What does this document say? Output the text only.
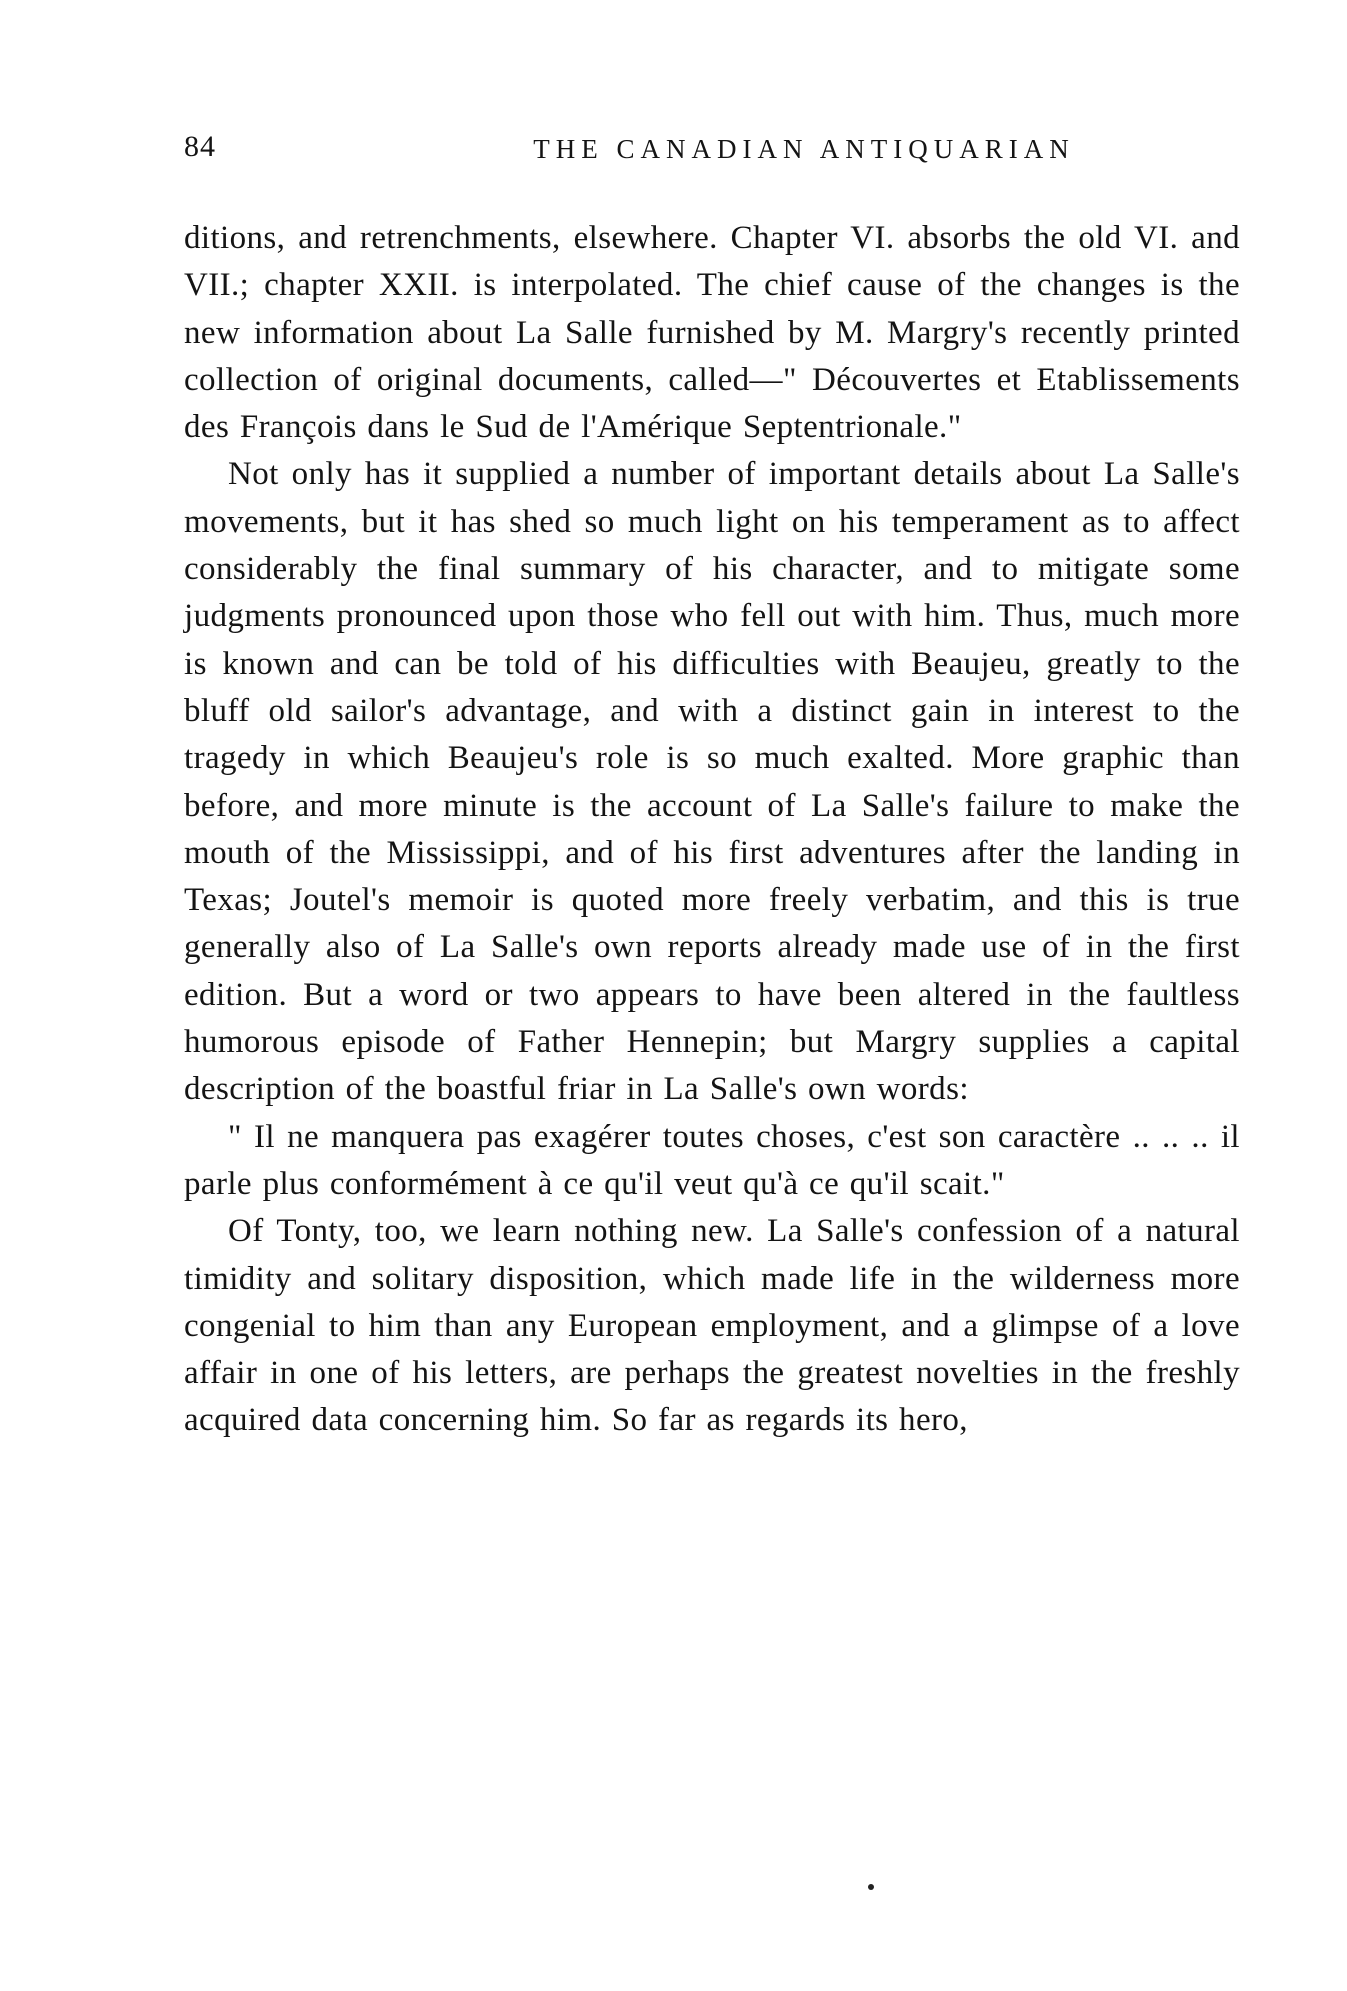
84	THE CANADIAN ANTIQUARIAN

ditions, and retrenchments, elsewhere. Chapter VI. absorbs the old VI. and VII.; chapter XXII. is interpolated. The chief cause of the changes is the new information about La Salle furnished by M. Margry's recently printed collection of original documents, called—" Découvertes et Etablissements des François dans le Sud de l'Amérique Septentrionale."

Not only has it supplied a number of important details about La Salle's movements, but it has shed so much light on his temperament as to affect considerably the final summary of his character, and to mitigate some judgments pronounced upon those who fell out with him. Thus, much more is known and can be told of his difficulties with Beaujeu, greatly to the bluff old sailor's advantage, and with a distinct gain in interest to the tragedy in which Beaujeu's role is so much exalted. More graphic than before, and more minute is the account of La Salle's failure to make the mouth of the Mississippi, and of his first adventures after the landing in Texas; Joutel's memoir is quoted more freely verbatim, and this is true generally also of La Salle's own reports already made use of in the first edition. But a word or two appears to have been altered in the faultless humorous episode of Father Hennepin; but Margry supplies a capital description of the boastful friar in La Salle's own words:

" Il ne manquera pas exagérer toutes choses, c'est son caractère .. .. .. il parle plus conformément à ce qu'il veut qu'à ce qu'il scait."

Of Tonty, too, we learn nothing new. La Salle's confession of a natural timidity and solitary disposition, which made life in the wilderness more congenial to him than any European employment, and a glimpse of a love affair in one of his letters, are perhaps the greatest novelties in the freshly acquired data concerning him. So far as regards its hero,
